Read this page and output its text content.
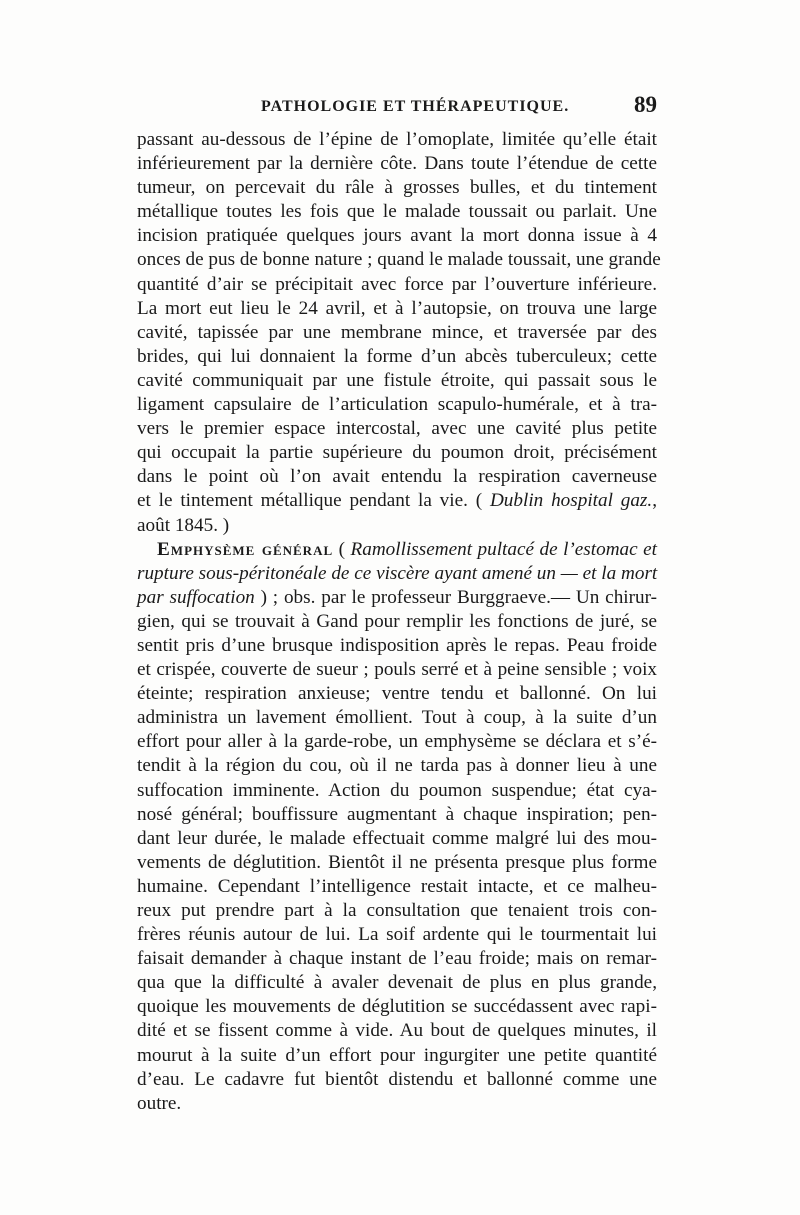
PATHOLOGIE ET THÉRAPEUTIQUE.	89
passant au-dessous de l’épine de l’omoplate, limitée qu’elle était
inférieurement par la dernière côte. Dans toute l’étendue de cette
tumeur, on percevait du râle à grosses bulles, et du tintement
métallique toutes les fois que le malade toussait ou parlait. Une
incision pratiquée quelques jours avant la mort donna issue à 4
onces de pus de bonne nature ; quand le malade toussait, une grande
quantité d’air se précipitait avec force par l’ouverture inférieure.
La mort eut lieu le 24 avril, et à l’autopsie, on trouva une large
cavité, tapissée par une membrane mince, et traversée par des
brides, qui lui donnaient la forme d’un abcès tuberculeux; cette
cavité communiquait par une fistule étroite, qui passait sous le
ligament capsulaire de l’articulation scapulo-humérale, et à tra-
vers le premier espace intercostal, avec une cavité plus petite
qui occupait la partie supérieure du poumon droit, précisément
dans le point où l’on avait entendu la respiration caverneuse
et le tintement métallique pendant la vie. ( Dublin hospital gaz.,
août 1845. )
Emphysème général ( Ramollissement pultacé de l’estomac et
rupture sous-péritonéale de ce viscère ayant amené un — et la mort
par suffocation ) ; obs. par le professeur Burggraeve.— Un chirur-
gien, qui se trouvait à Gand pour remplir les fonctions de juré, se
sentit pris d’une brusque indisposition après le repas. Peau froide
et crispée, couverte de sueur ; pouls serré et à peine sensible ; voix
éteinte; respiration anxieuse; ventre tendu et ballonné. On lui
administra un lavement émollient. Tout à coup, à la suite d’un
effort pour aller à la garde-robe, un emphysème se déclara et s’é-
tendit à la région du cou, où il ne tarda pas à donner lieu à une
suffocation imminente. Action du poumon suspendue; état cya-
nosé général; bouffissure augmentant à chaque inspiration; pen-
dant leur durée, le malade effectuait comme malgré lui des mou-
vements de déglutition. Bientôt il ne présenta presque plus forme
humaine. Cependant l’intelligence restait intacte, et ce malheu-
reux put prendre part à la consultation que tenaient trois con-
frères réunis autour de lui. La soif ardente qui le tourmentait lui
faisait demander à chaque instant de l’eau froide; mais on remar-
qua que la difficulté à avaler devenait de plus en plus grande,
quoique les mouvements de déglutition se succédassent avec rapi-
dité et se fissent comme à vide. Au bout de quelques minutes, il
mourut à la suite d’un effort pour ingurgiter une petite quantité
d’eau. Le cadavre fut bientôt distendu et ballonné comme une
outre.
